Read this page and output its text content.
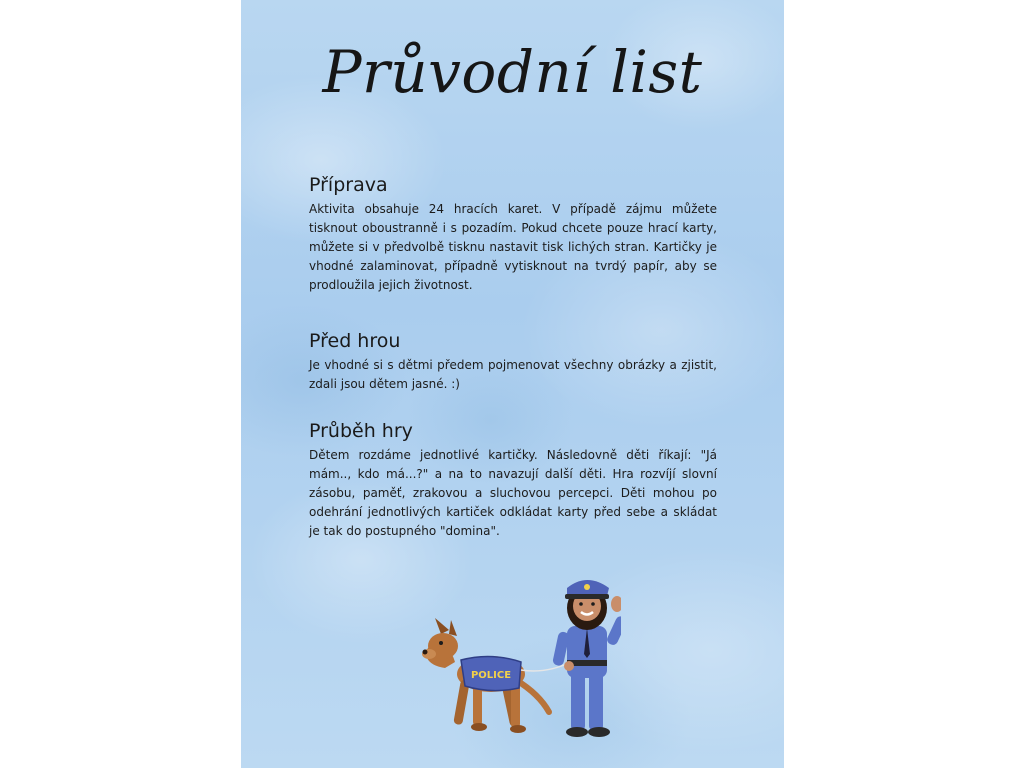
Průvodní list
Příprava

Aktivita obsahuje 24 hracích karet. V případě zájmu můžete tisknout oboustranně i s pozadím. Pokud chcete pouze hrací karty, můžete si v předvolbě tisknu nastavit tisk lichých stran. Kartičky je vhodné zalaminovat, případně vytisknout na tvrdý papír, aby se prodloužila jejich životnost.

Před hrou

Je vhodné si s dětmi předem pojmenovat všechny obrázky a zjistit, zdali jsou dětem jasné. :)

Průběh hry

Dětem rozdáme jednotlivé kartičky. Následovně děti říkají: "Já mám.., kdo má...?" a na to navazují další děti. Hra rozvíjí slovní zásobu, paměť, zrakovou a sluchovou percepci. Děti mohou po odehrání jednotlivých kartiček odkládat karty před sebe a skládat je tak do postupného "domina".

POLICE
